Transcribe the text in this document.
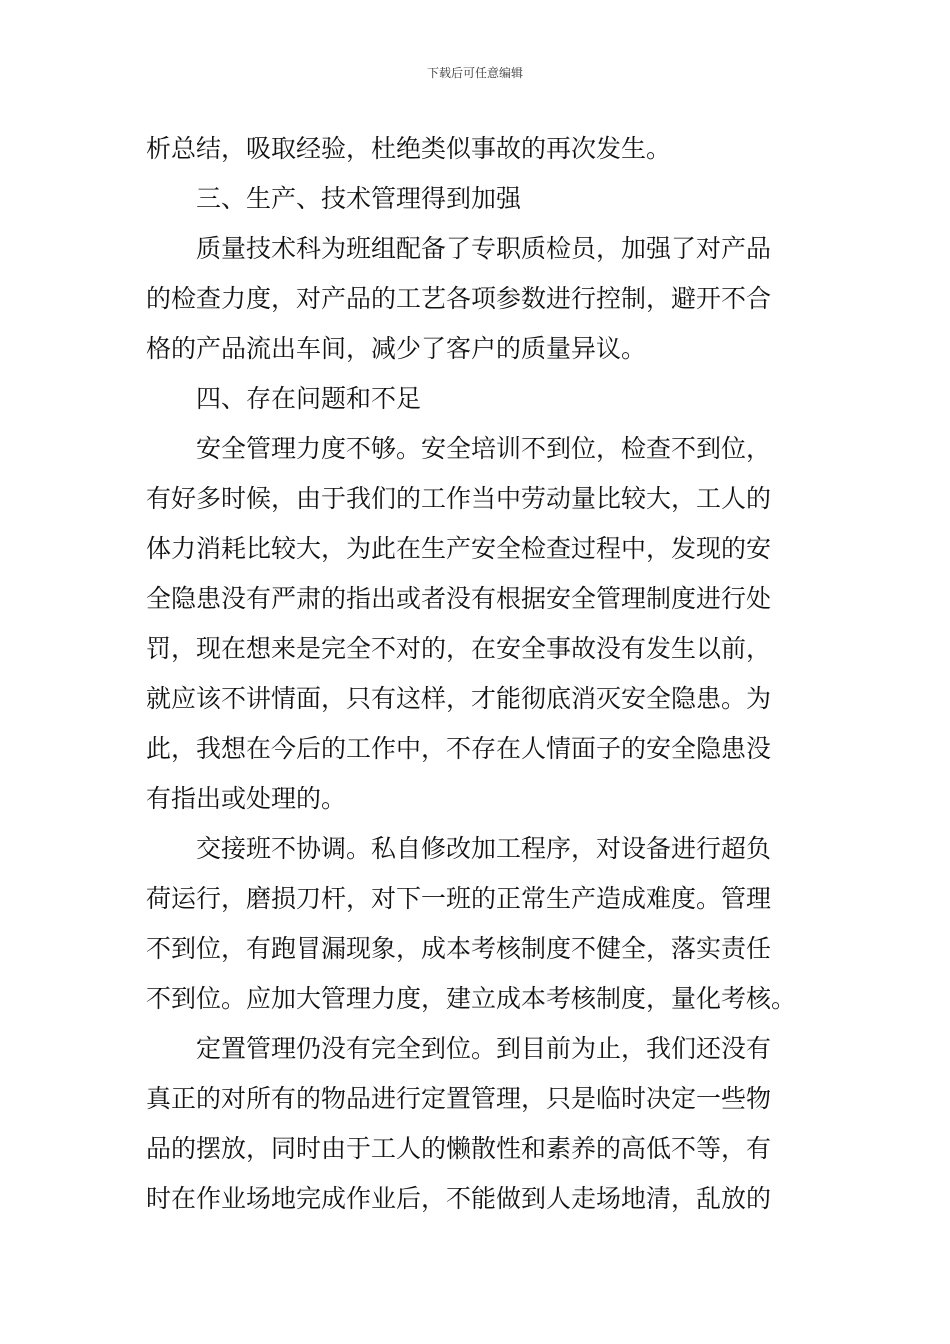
下载后可任意编辑
析总结，吸取经验，杜绝类似事故的再次发生。
三、生产、技术管理得到加强
质量技术科为班组配备了专职质检员，加强了对产品
的检查力度，对产品的工艺各项参数进行控制，避开不合
格的产品流出车间，减少了客户的质量异议。
四、存在问题和不足
安全管理力度不够。安全培训不到位，检查不到位，
有好多时候，由于我们的工作当中劳动量比较大，工人的
体力消耗比较大，为此在生产安全检查过程中，发现的安
全隐患没有严肃的指出或者没有根据安全管理制度进行处
罚，现在想来是完全不对的，在安全事故没有发生以前，
就应该不讲情面，只有这样，才能彻底消灭安全隐患。为
此，我想在今后的工作中，不存在人情面子的安全隐患没
有指出或处理的。
交接班不协调。私自修改加工程序，对设备进行超负
荷运行，磨损刀杆，对下一班的正常生产造成难度。管理
不到位，有跑冒漏现象，成本考核制度不健全，落实责任
不到位。应加大管理力度，建立成本考核制度，量化考核。
定置管理仍没有完全到位。到目前为止，我们还没有
真正的对所有的物品进行定置管理，只是临时决定一些物
品的摆放，同时由于工人的懒散性和素养的高低不等，有
时在作业场地完成作业后，不能做到人走场地清，乱放的
